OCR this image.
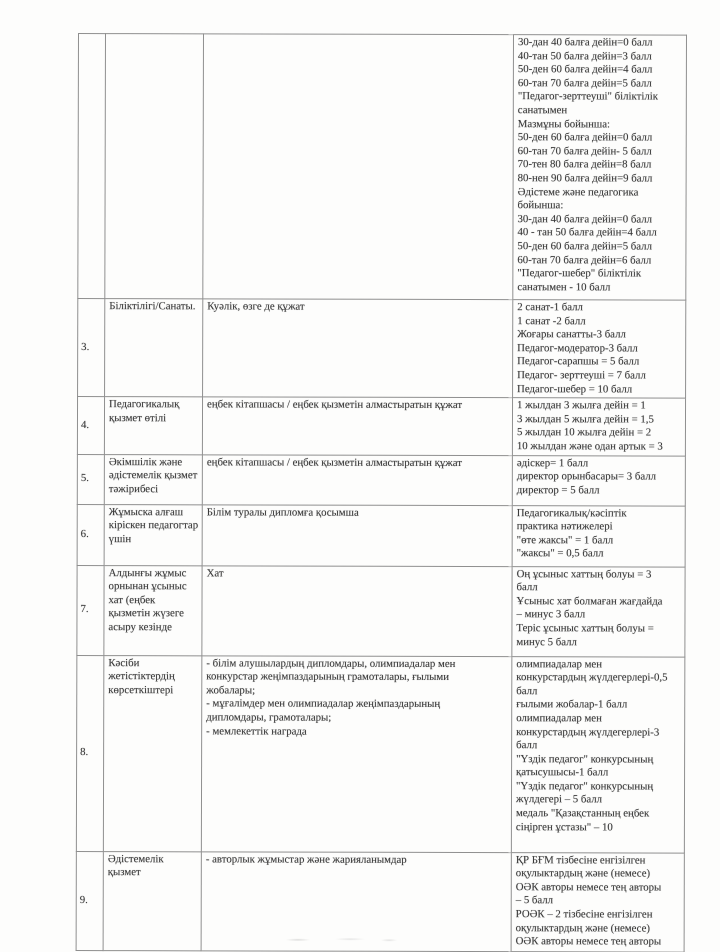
			30-дан 40 балға дейін=0 балл
40-тан 50 балға дейін=3 балл
50-ден 60 балға дейін=4 балл
60-тан 70 балға дейін=5 балл
"Педагог-зерттеуші" біліктілік
санатымен
Мазмұны бойынша:
50-ден 60 балға дейін=0 балл
60-тан 70 балға дейін- 5 балл
70-тен 80 балға дейін=8 балл
80-нен 90 балға дейін=9 балл
Әдістеме және педагогика
бойынша:
30-дан 40 балға дейін=0 балл
40 - тан 50 балға дейін=4 балл
50-ден 60 балға дейін=5 балл
60-тан 70 балға дейін=6 балл
"Педагог-шебер" біліктілік
санатымен - 10 балл
3.	Біліктілігі/Санаты.	Куәлік, өзге де құжат	2 санат-1 балл
1 санат -2 балл
Жоғары санатты-3 балл
Педагог-модератор-3 балл
Педагог-сарапшы = 5 балл
Педагог- зерттеуші = 7 балл
Педагог-шебер = 10 балл
4.	Педагогикалық қызмет өтілі	еңбек кітапшасы / еңбек қызметін алмастыратын құжат	1 жылдан 3 жылға дейін = 1
3 жылдан 5 жылға дейін = 1,5
5 жылдан 10 жылға дейін = 2
10 жылдан және одан артык = 3
5.	Әкімшілік және әдістемелік қызмет тәжірибесі	еңбек кітапшасы / еңбек қызметін алмастыратын құжат	әдіскер= 1 балл
директор орынбасары= 3 балл
директор = 5 балл
6.	Жұмыска алғаш кіріскен педагогтар үшін	Білім туралы дипломға қосымша	Педагогикалық/кәсіптік
практика нәтижелері
"өте жаксы" = 1 балл
"жаксы" = 0,5 балл
7.	Алдынғы жұмыс орнынан ұсыныс хат (еңбек қызметін жүзеге асыру кезінде	Хат	Оң ұсыныс хаттың болуы = 3
балл
Ұсыныс хат болмаған жағдайда
– минус 3 балл
Теріс ұсыныс хаттың болуы =
минус 5 балл
8.	Кәсіби жетістіктердің көрсеткіштері	- білім алушылардың дипломдары, олимпиадалар мен
конкурстар жеңімпаздарының грамоталары, ғылыми
жобалары;
- мұғалімдер мен олимпиадалар жеңімпаздарының
дипломдары, грамоталары;
- мемлекеттік награда	олимпиадалар мен
конкурстардың жүлдегерлері-0,5
балл
ғылыми жобалар-1 балл
олимпиадалар мен
конкурстардың жүлдегерлері-3
балл
"Үздік педагог" конкурсының
қатысушысы-1 балл
"Үздік педагог" конкурсының
жүлдегері – 5 балл
медаль "Қазақстанның еңбек
сіңірген ұстазы" – 10
9.	Әдістемелік қызмет	- авторлык жұмыстар және жарияланымдар	ҚР БҒМ тізбесіне енгізілген
оқулыктардың және (немесе)
ОӘК авторы немесе тең авторы
– 5 балл
РОӘК – 2 тізбесіне енгізілген
оқулыктардың және (немесе)
ОӘК авторы немесе тең авторы
